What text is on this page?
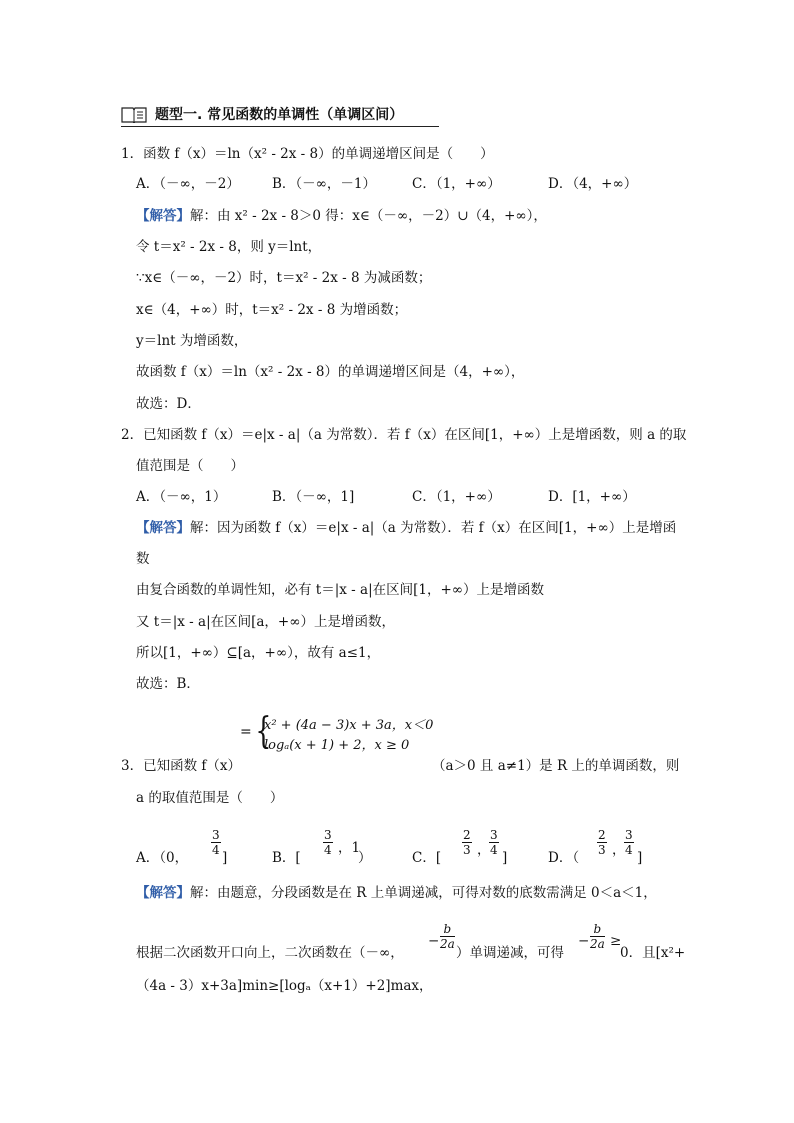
题型一. 常见函数的单调性（单调区间）
1．函数 f（x）＝ln（x² - 2x - 8）的单调递增区间是（　　）
A．（－∞，－2） B．（－∞，－1）	C．（1，+∞）	D．（4，+∞）
【解答】解：由 x² - 2x - 8＞0 得：x∈（－∞，－2）∪（4，+∞），
令 t＝x² - 2x - 8，则 y＝lnt，
∵x∈（－∞，－2）时，t＝x² - 2x - 8 为减函数；
x∈（4，+∞）时，t＝x² - 2x - 8 为增函数；
y＝lnt 为增函数，
故函数 f（x）＝ln（x² - 2x - 8）的单调递增区间是（4，+∞），
故选：D．
2．已知函数 f（x）＝e|x - a|（a 为常数）．若 f（x）在区间[1，+∞）上是增函数，则 a 的取
值范围是（　　）
A．（－∞，1）	B．（－∞，1]	C．（1，+∞）	D．[1，+∞）
【解答】解：因为函数 f（x）＝e|x - a|（a 为常数）．若 f（x）在区间[1，+∞）上是增函
数
由复合函数的单调性知，必有 t＝|x - a|在区间[1，+∞）上是增函数
又 t＝|x - a|在区间[a，+∞）上是增函数，
所以[1，+∞）⊆[a，+∞），故有 a≤1，
故选：B．
= {
x² + (4a − 3)x + 3a，x＜0
logₐ(x + 1) + 2，x ≥ 0
3．已知函数 f（x）	（a＞0 且 a≠1）是 R 上的单调函数，则
a 的取值范围是（　　）
A．（0，
$\frac{3}{4}$
]	B．[
$\frac{3}{4}$ ，1
）	C．[
$\frac{2}{3}$ ，
$\frac{3}{4}$
]	D．（
$\frac{2}{3}$ ，
$\frac{3}{4}$
]
【解答】解：由题意，分段函数是在 R 上单调递减，可得对数的底数需满足 0＜a＜1，
根据二次函数开口向上，二次函数在（－∞，
− $\frac{b}{2a}$
）单调递减，可得
− $\frac{b}{2a}$ ≥
0．且[x²+
（4a - 3）x+3a]min≥[logₐ（x+1）+2]max，
